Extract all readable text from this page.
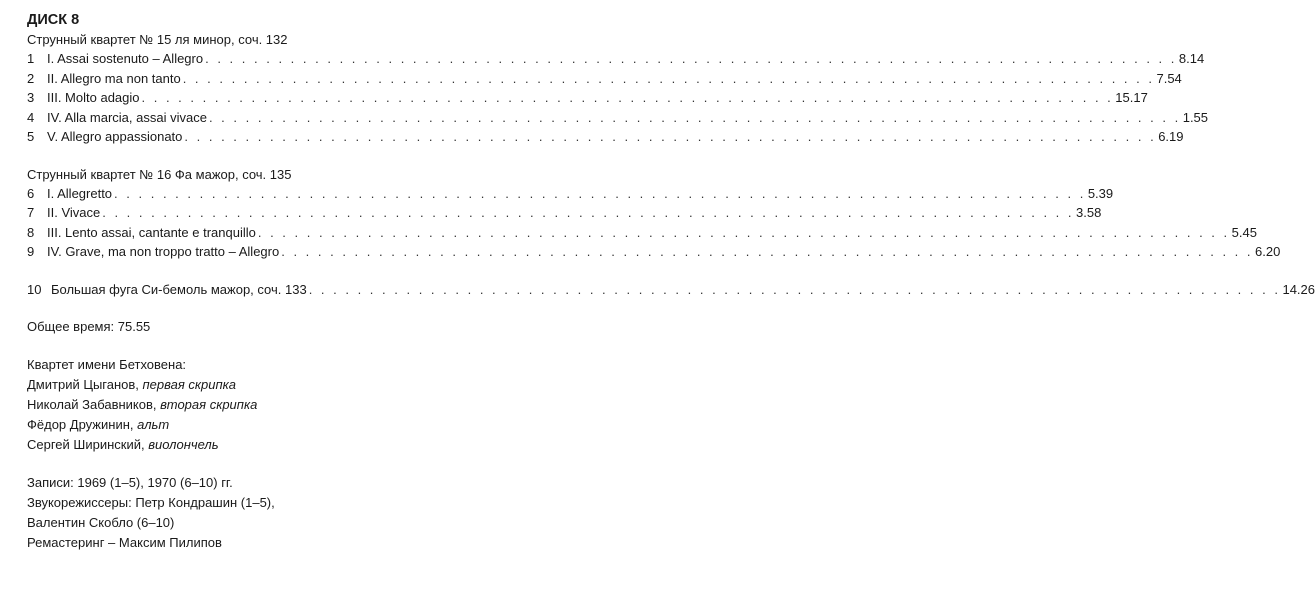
ДИСК 8
Струнный квартет № 15 ля минор, соч. 132
1 I. Assai sostenuto – Allegro . . . . . . . . . . . . . . . . . . . . . . . . . . . . . . . . . . . . . . . . . . . . . . . . . . . . . . . . . . . . . . . . . . . . . . . . . . . . . . . . 8.14
2 II. Allegro ma non tanto . . . . . . . . . . . . . . . . . . . . . . . . . . . . . . . . . . . . . . . . . . . . . . . . . . . . . . . . . . . . . . . . . . . . . . . . . . . . . . . . 7.54
3 III. Molto adagio . . . . . . . . . . . . . . . . . . . . . . . . . . . . . . . . . . . . . . . . . . . . . . . . . . . . . . . . . . . . . . . . . . . . . . . . . . . . . . . . 15.17
4 IV. Alla marcia, assai vivace . . . . . . . . . . . . . . . . . . . . . . . . . . . . . . . . . . . . . . . . . . . . . . . . . . . . . . . . . . . . . . . . . . . . . . . . . . . . . . . . 1.55
5 V. Allegro appassionato . . . . . . . . . . . . . . . . . . . . . . . . . . . . . . . . . . . . . . . . . . . . . . . . . . . . . . . . . . . . . . . . . . . . . . . . . . . . . . . . 6.19
Струнный квартет № 16 Фа мажор, соч. 135
6 I. Allegretto . . . . . . . . . . . . . . . . . . . . . . . . . . . . . . . . . . . . . . . . . . . . . . . . . . . . . . . . . . . . . . . . . . . . . . . . . . . . . . . . 5.39
7 II. Vivace . . . . . . . . . . . . . . . . . . . . . . . . . . . . . . . . . . . . . . . . . . . . . . . . . . . . . . . . . . . . . . . . . . . . . . . . . . . . . . . . 3.58
8 III. Lento assai, cantante e tranquillo . . . . . . . . . . . . . . . . . . . . . . . . . . . . . . . . . . . . . . . . . . . . . . . . . . . . . . . . . . . . . . . . . . . . . . . . . . . . . . . . 5.45
9 IV. Grave, ma non troppo tratto – Allegro . . . . . . . . . . . . . . . . . . . . . . . . . . . . . . . . . . . . . . . . . . . . . . . . . . . . . . . . . . . . . . . . . . . . . . . . . . . . . . . . 6.20
10 Большая фуга Си-бемоль мажор, соч. 133 . . . . . . . . . . . . . . . . . . . . . . . . . . . . . . . . . . . . . . . . . . . . . . . . . . . . . . . . . . . . . . . . . . . . . . . . . . . . . . . . 14.26
Общее время: 75.55
Квартет имени Бетховена:
Дмитрий Цыганов, первая скрипка
Николай Забавников, вторая скрипка
Фёдор Дружинин, альт
Сергей Ширинский, виолончель
Записи: 1969 (1–5), 1970 (6–10) гг.
Звукорежиссеры: Петр Кондрашин (1–5),
Валентин Скобло (6–10)
Ремастеринг – Максим Пилипов
